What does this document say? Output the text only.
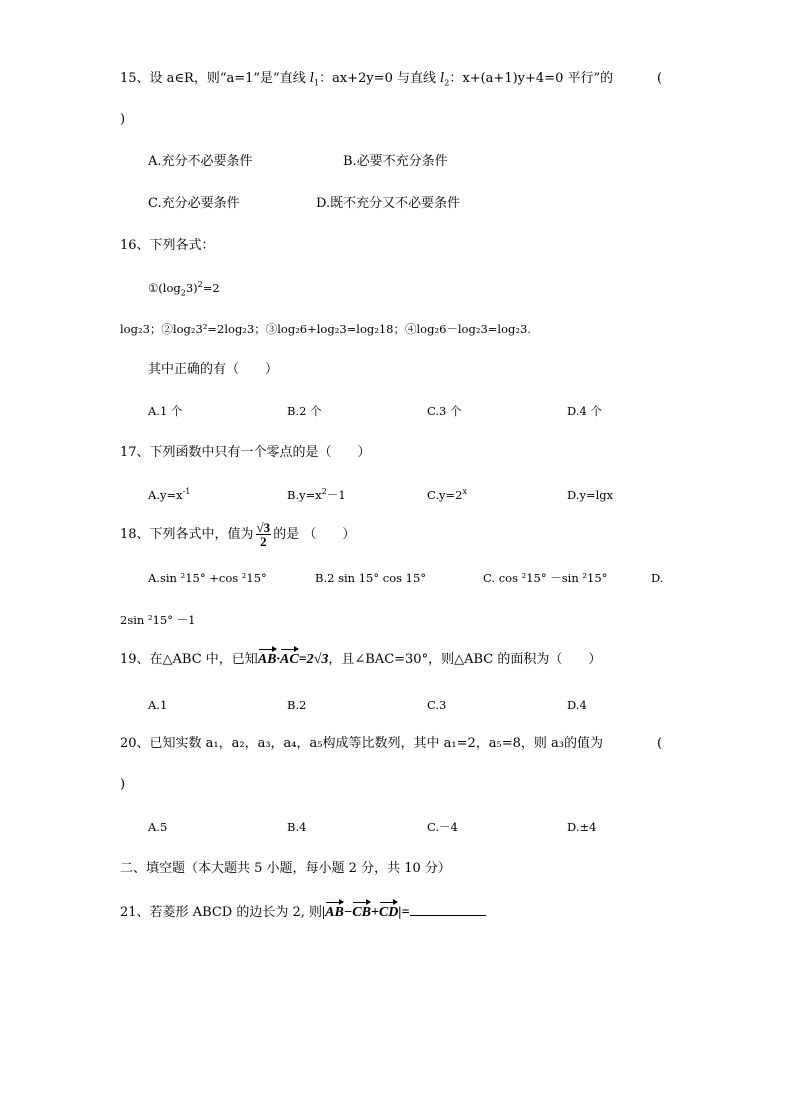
15、设 a∈R，则“a=1”是“直线 $l_1$：ax+2y=0 与直线 $l_2$：x+(a+1)y+4=0 平行”的	(
)
A.充分不必要条件	B.必要不充分条件
C.充分必要条件	D.既不充分又不必要条件
16、下列各式：
$①(\log_23)^2=2$
log₂3；②log₂3²=2log₂3；③log₂6+log₂3=log₂18；④log₂6－log₂3=log₂3.
其中正确的有（　　）
A.1 个	B.2 个	C.3 个	D.4 个
17、下列函数中只有一个零点的是（　　）
$A.y=x^{-1}$	$B.y=x^2-1$	$C.y=2^x$	D.y=lgx
18、下列各式中，值为 $\frac{√3}{2}$ 的是 （　　）
A.sin ²15° +cos ²15°	B.2 sin 15° cos 15°	C. cos ²15° －sin ²15°	D.
2sin ²15° －1
19、在△ABC 中，已知AB·AC=2√3，且∠BAC=30°，则△ABC 的面积为（　　）
A.1	B.2	C.3	D.4
20、已知实数 a₁，a₂，a₃，a₄，a₅构成等比数列，其中 a₁=2，a₅=8，则 a₃的值为	(
)
A.5	B.4	C.－4	D.±4
二、填空题（本大题共 5 小题，每小题 2 分，共 10 分）
21、若菱形 ABCD 的边长为 2, 则|AB−CB+CD|=
